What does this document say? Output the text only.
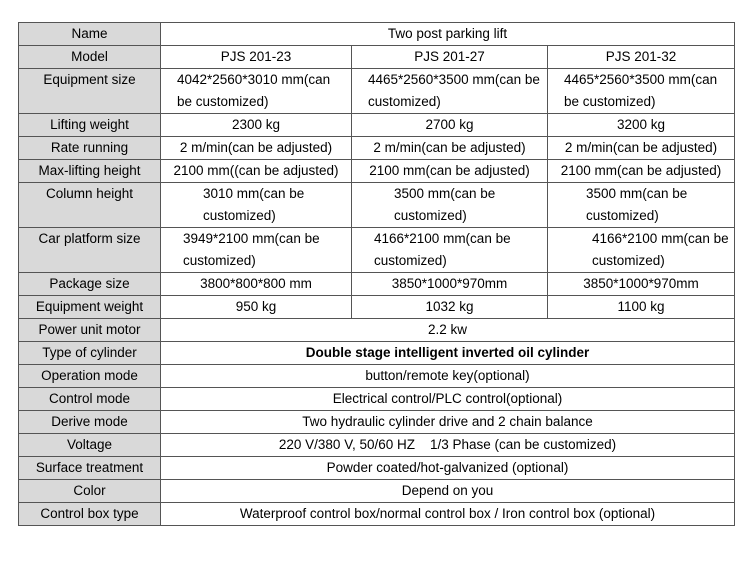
Name	Two post parking lift		
Model	PJS 201-23	PJS 201-27	PJS 201-32
Equipment size	4042*2560*3010 mm(can be customized)	4465*2560*3500 mm(can be customized)	4465*2560*3500 mm(can be customized)
Lifting weight	2300 kg	2700 kg	3200 kg
Rate running	2 m/min(can be adjusted)	2 m/min(can be adjusted)	2 m/min(can be adjusted)
Max-lifting height	2100 mm((can be adjusted)	2100 mm(can be adjusted)	2100 mm(can be adjusted)
Column height	3010 mm(can be customized)	3500 mm(can be customized)	3500 mm(can be customized)
Car platform size	3949*2100 mm(can be customized)	4166*2100 mm(can be customized)	4166*2100 mm(can be customized)
Package size	3800*800*800 mm	3850*1000*970mm	3850*1000*970mm
Equipment weight	950 kg	1032 kg	1100 kg
Power unit motor	2.2 kw		
Type of cylinder	Double stage intelligent inverted oil cylinder		
Operation mode	button/remote key(optional)		
Control mode	Electrical control/PLC control(optional)		
Derive mode	Two hydraulic cylinder drive and 2 chain balance		
Voltage	220 V/380 V, 50/60 HZ    1/3 Phase (can be customized)		
Surface treatment	Powder coated/hot-galvanized (optional)		
Color	Depend on you		
Control box type	Waterproof control box/normal control box / Iron control box (optional)		
